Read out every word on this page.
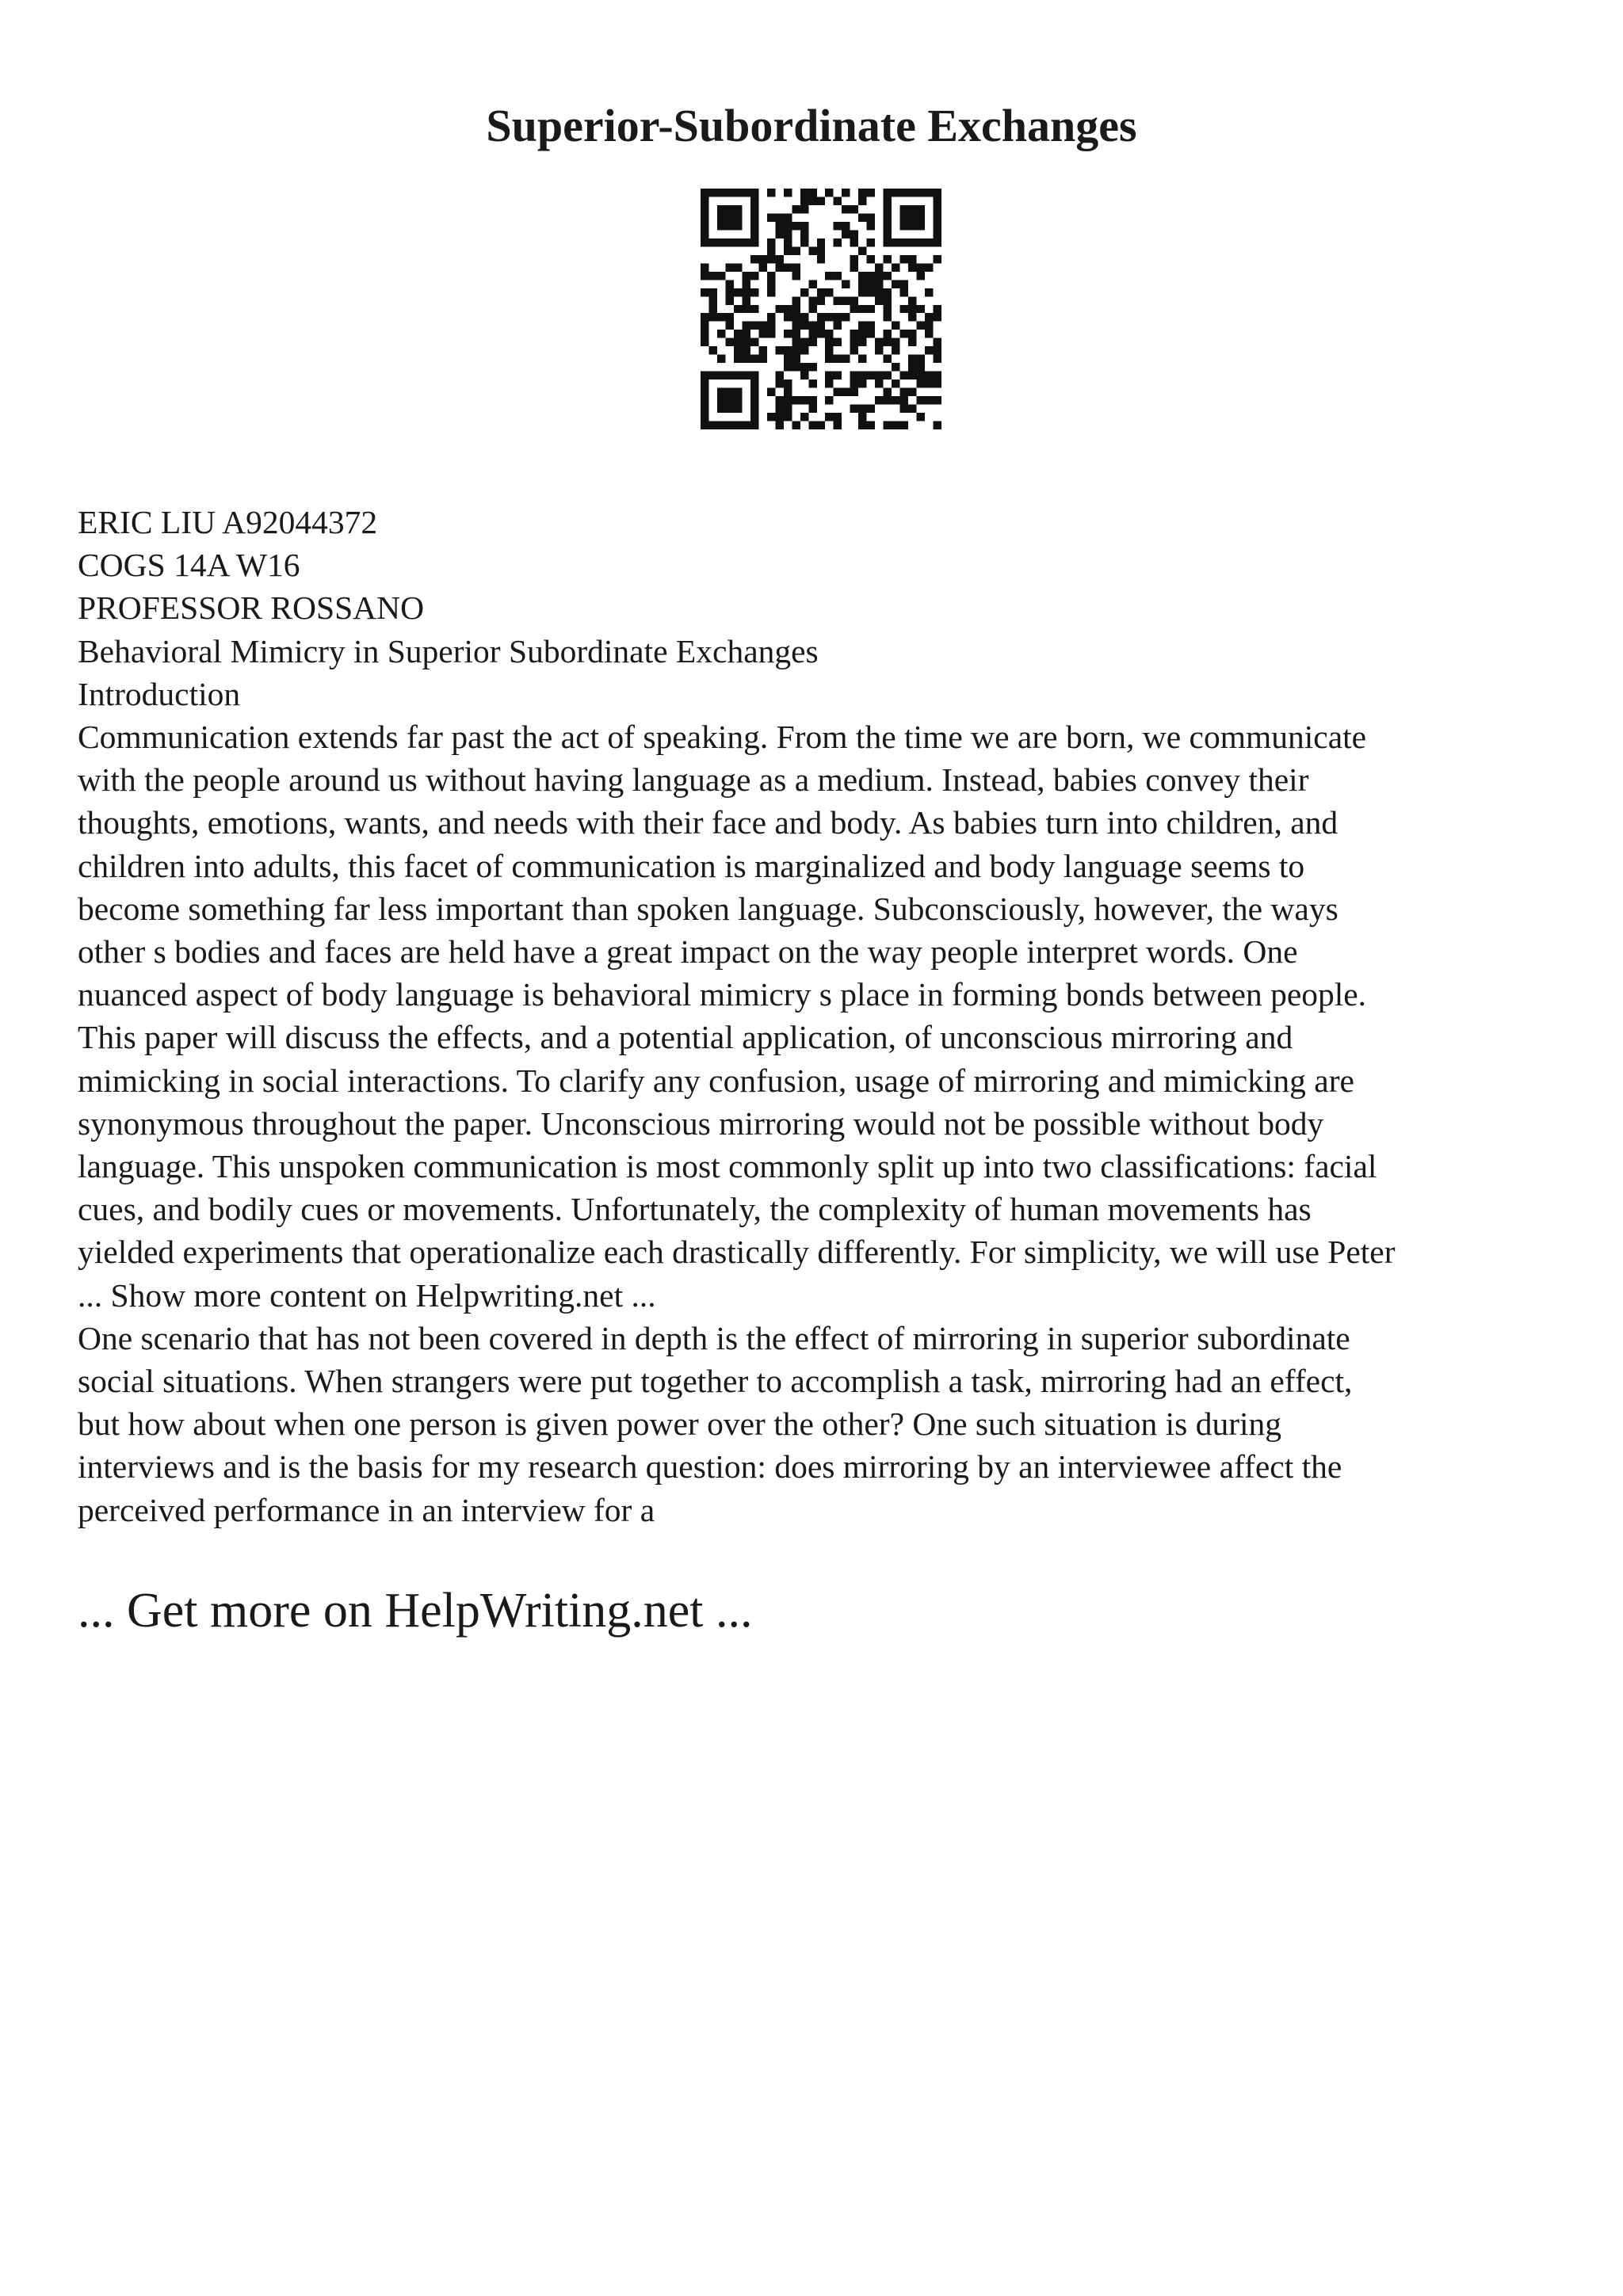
Superior-Subordinate Exchanges
ERIC LIU A92044372
COGS 14A W16
PROFESSOR ROSSANO
Behavioral Mimicry in Superior Subordinate Exchanges
Introduction
Communication extends far past the act of speaking. From the time we are born, we communicate
with the people around us without having language as a medium. Instead, babies convey their
thoughts, emotions, wants, and needs with their face and body. As babies turn into children, and
children into adults, this facet of communication is marginalized and body language seems to
become something far less important than spoken language. Subconsciously, however, the ways
other s bodies and faces are held have a great impact on the way people interpret words. One
nuanced aspect of body language is behavioral mimicry s place in forming bonds between people.
This paper will discuss the effects, and a potential application, of unconscious mirroring and
mimicking in social interactions. To clarify any confusion, usage of mirroring and mimicking are
synonymous throughout the paper. Unconscious mirroring would not be possible without body
language. This unspoken communication is most commonly split up into two classifications: facial
cues, and bodily cues or movements. Unfortunately, the complexity of human movements has
yielded experiments that operationalize each drastically differently. For simplicity, we will use Peter
... Show more content on Helpwriting.net ...
One scenario that has not been covered in depth is the effect of mirroring in superior subordinate
social situations. When strangers were put together to accomplish a task, mirroring had an effect,
but how about when one person is given power over the other? One such situation is during
interviews and is the basis for my research question: does mirroring by an interviewee affect the
perceived performance in an interview for a

... Get more on HelpWriting.net ...
